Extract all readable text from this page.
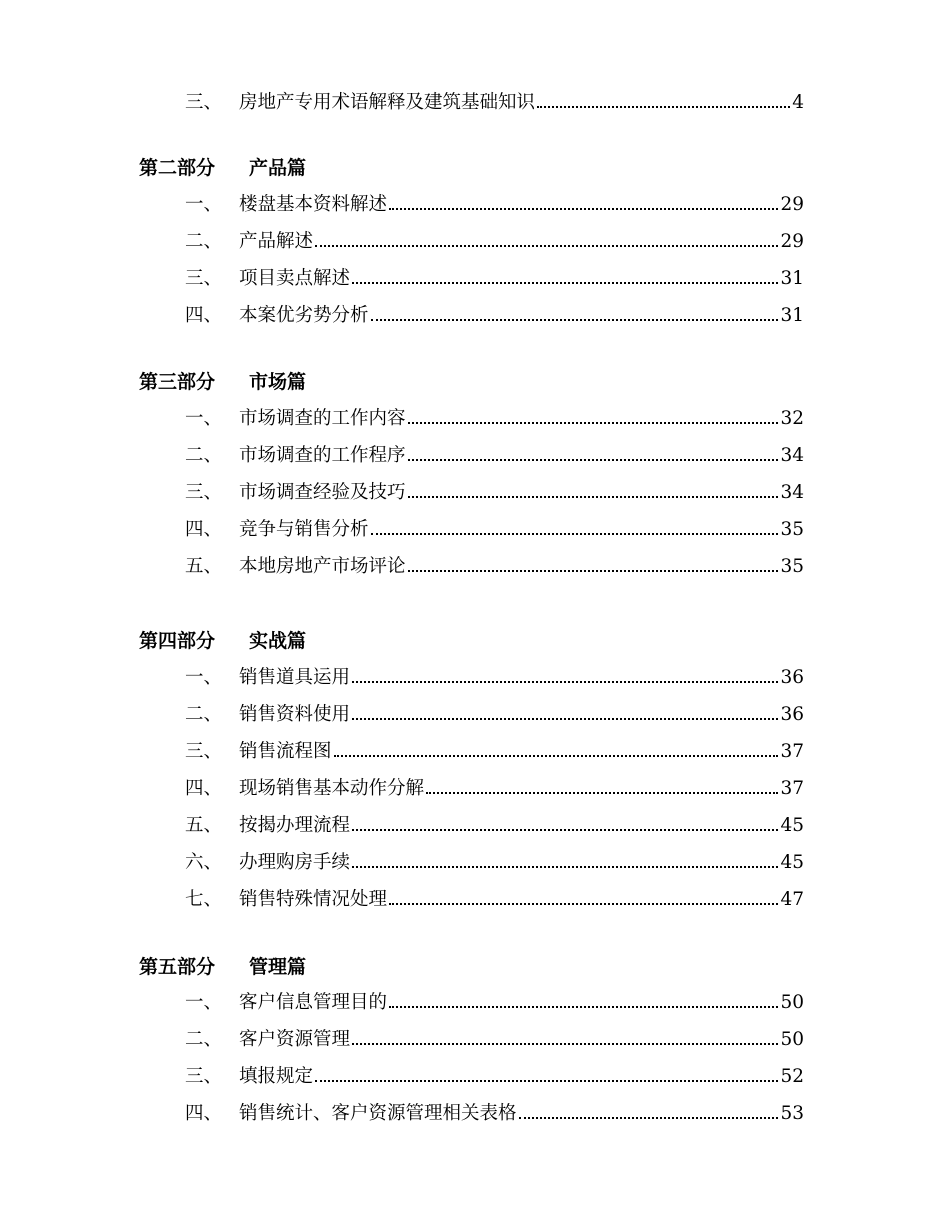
三、 房地产专用术语解释及建筑基础知识	4
第二部分 产品篇
一、 楼盘基本资料解述	29
二、 产品解述	29
三、 项目卖点解述	31
四、 本案优劣势分析	31
第三部分 市场篇
一、 市场调查的工作内容	32
二、 市场调查的工作程序	34
三、 市场调查经验及技巧	34
四、 竞争与销售分析	35
五、 本地房地产市场评论	35
第四部分 实战篇
一、 销售道具运用	36
二、 销售资料使用	36
三、 销售流程图	37
四、 现场销售基本动作分解	37
五、 按揭办理流程	45
六、 办理购房手续	45
七、 销售特殊情况处理	47
第五部分 管理篇
一、 客户信息管理目的	50
二、 客户资源管理	50
三、 填报规定	52
四、 销售统计、客户资源管理相关表格	53
